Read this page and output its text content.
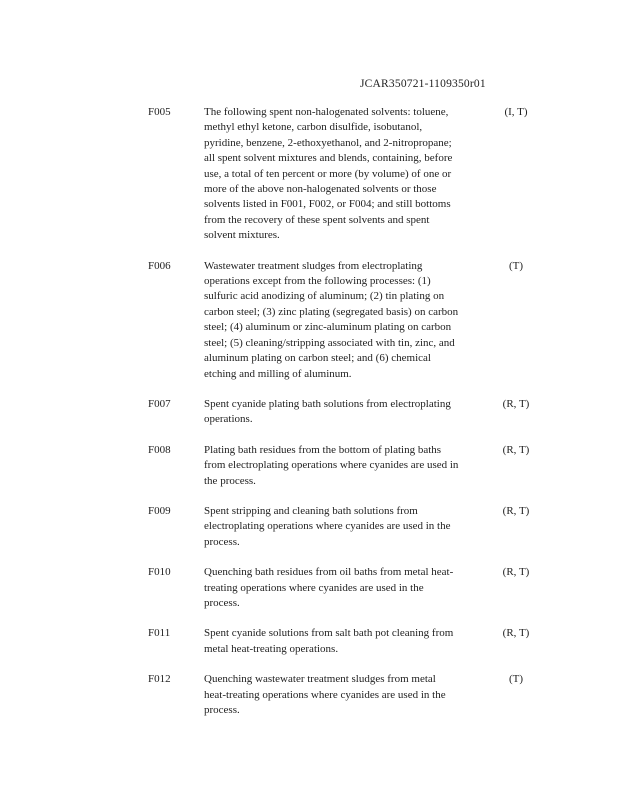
JCAR350721-1109350r01
F005	The following spent non-halogenated solvents: toluene,
methyl ethyl ketone, carbon disulfide, isobutanol,
pyridine, benzene, 2-ethoxyethanol, and 2-nitropropane;
all spent solvent mixtures and blends, containing, before
use, a total of ten percent or more (by volume) of one or
more of the above non-halogenated solvents or those
solvents listed in F001, F002, or F004; and still bottoms
from the recovery of these spent solvents and spent
solvent mixtures.
(I, T)
F006	Wastewater treatment sludges from electroplating
operations except from the following processes: (1)
sulfuric acid anodizing of aluminum; (2) tin plating on
carbon steel; (3) zinc plating (segregated basis) on carbon
steel; (4) aluminum or zinc-aluminum plating on carbon
steel; (5) cleaning/stripping associated with tin, zinc, and
aluminum plating on carbon steel; and (6) chemical
etching and milling of aluminum.
(T)
F007	Spent cyanide plating bath solutions from electroplating
operations.
(R, T)
F008	Plating bath residues from the bottom of plating baths
from electroplating operations where cyanides are used in
the process.
(R, T)
F009	Spent stripping and cleaning bath solutions from
electroplating operations where cyanides are used in the
process.
(R, T)
F010	Quenching bath residues from oil baths from metal heat-
treating operations where cyanides are used in the
process.
(R, T)
F011	Spent cyanide solutions from salt bath pot cleaning from
metal heat-treating operations.
(R, T)
F012	Quenching wastewater treatment sludges from metal
heat-treating operations where cyanides are used in the
process.
(T)
